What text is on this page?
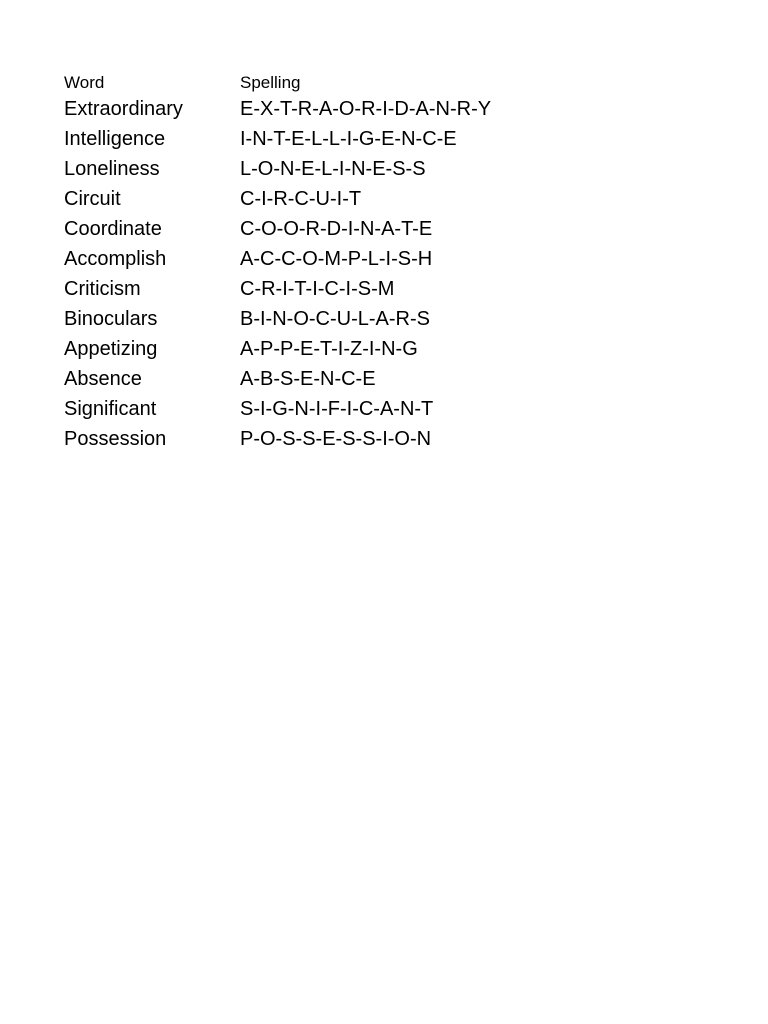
Word	Spelling
Extraordinary	E-X-T-R-A-O-R-I-D-A-N-R-Y
Intelligence	I-N-T-E-L-L-I-G-E-N-C-E
Loneliness	L-O-N-E-L-I-N-E-S-S
Circuit	C-I-R-C-U-I-T
Coordinate	C-O-O-R-D-I-N-A-T-E
Accomplish	A-C-C-O-M-P-L-I-S-H
Criticism	C-R-I-T-I-C-I-S-M
Binoculars	B-I-N-O-C-U-L-A-R-S
Appetizing	A-P-P-E-T-I-Z-I-N-G
Absence	A-B-S-E-N-C-E
Significant	S-I-G-N-I-F-I-C-A-N-T
Possession	P-O-S-S-E-S-S-I-O-N
